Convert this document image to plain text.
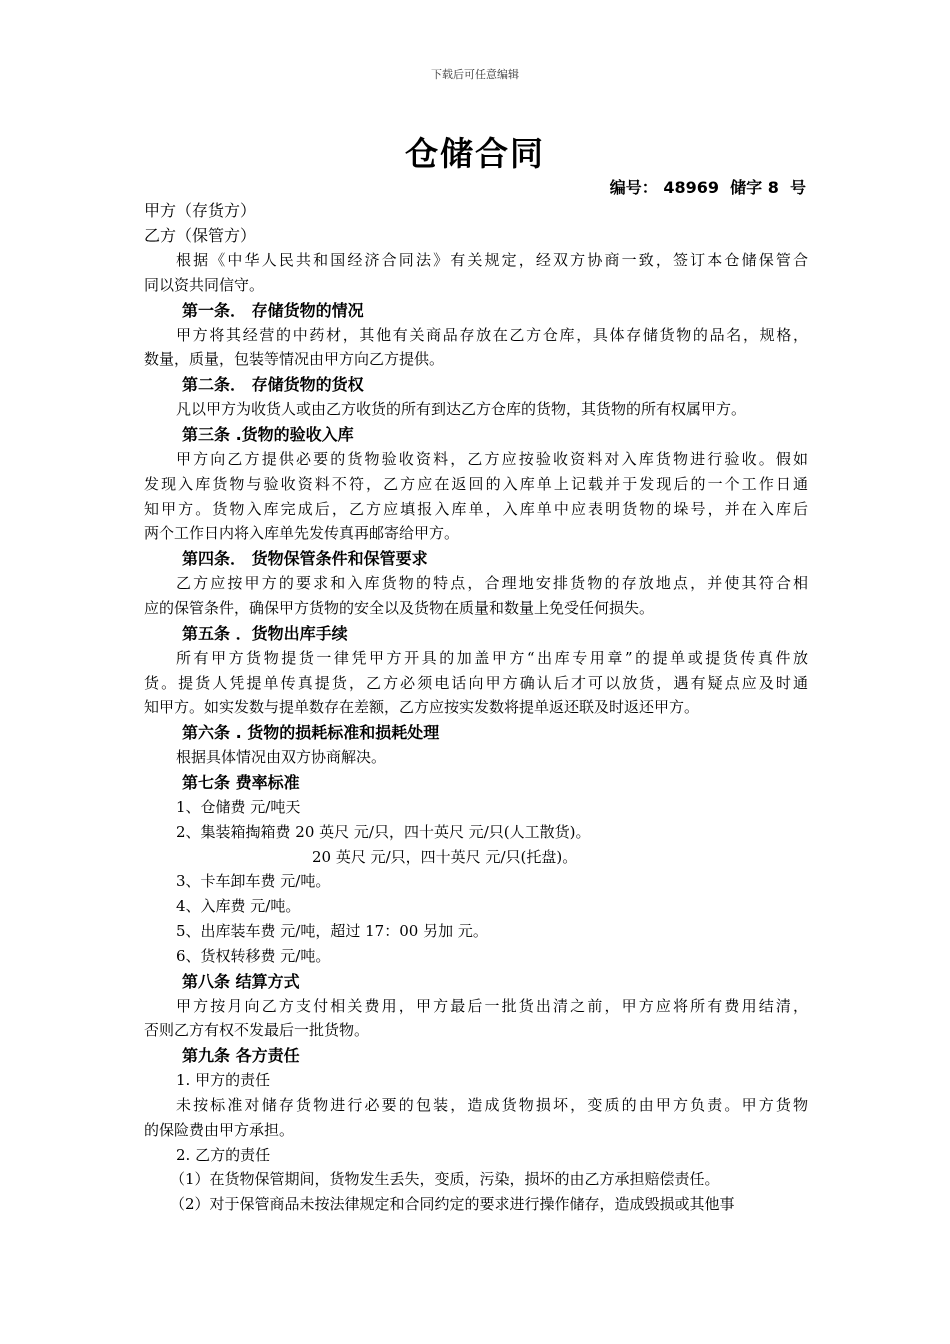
下载后可任意编辑
仓储合同
编号： 48969  储字 8  号
甲方（存货方）
乙方（保管方）
根据《中华人民共和国经济合同法》有关规定，经双方协商一致，签订本仓储保管合
同以资共同信守。
第一条． 存储货物的情况
甲方将其经营的中药材，其他有关商品存放在乙方仓库，具体存储货物的品名，规格，
数量，质量，包装等情况由甲方向乙方提供。
第二条． 存储货物的货权
凡以甲方为收货人或由乙方收货的所有到达乙方仓库的货物，其货物的所有权属甲方。
第三条 .货物的验收入库
甲方向乙方提供必要的货物验收资料，乙方应按验收资料对入库货物进行验收。假如
发现入库货物与验收资料不符，乙方应在返回的入库单上记载并于发现后的一个工作日通
知甲方。货物入库完成后，乙方应填报入库单，入库单中应表明货物的垛号，并在入库后
两个工作日内将入库单先发传真再邮寄给甲方。
第四条． 货物保管条件和保管要求
乙方应按甲方的要求和入库货物的特点，合理地安排货物的存放地点，并使其符合相
应的保管条件，确保甲方货物的安全以及货物在质量和数量上免受任何损失。
第五条 ．货物出库手续
所有甲方货物提货一律凭甲方开具的加盖甲方“出库专用章”的提单或提货传真件放
货。提货人凭提单传真提货，乙方必须电话向甲方确认后才可以放货，遇有疑点应及时通
知甲方。如实发数与提单数存在差额，乙方应按实发数将提单返还联及时返还甲方。
第六条 . 货物的损耗标准和损耗处理
根据具体情况由双方协商解决。
第七条 费率标准
1、仓储费 元/吨天
2、集装箱掏箱费 20 英尺 元/只，四十英尺 元/只(人工散货)。
20 英尺 元/只，四十英尺 元/只(托盘)。
3、卡车卸车费 元/吨。
4、入库费 元/吨。
5、出库装车费 元/吨，超过 17：00 另加 元。
6、货权转移费 元/吨。
第八条 结算方式
甲方按月向乙方支付相关费用，甲方最后一批货出清之前，甲方应将所有费用结清，
否则乙方有权不发最后一批货物。
第九条 各方责任
1. 甲方的责任
未按标准对储存货物进行必要的包装，造成货物损坏，变质的由甲方负责。甲方货物
的保险费由甲方承担。
2. 乙方的责任
（1）在货物保管期间，货物发生丢失，变质，污染，损坏的由乙方承担赔偿责任。
（2）对于保管商品未按法律规定和合同约定的要求进行操作储存，造成毁损或其他事
